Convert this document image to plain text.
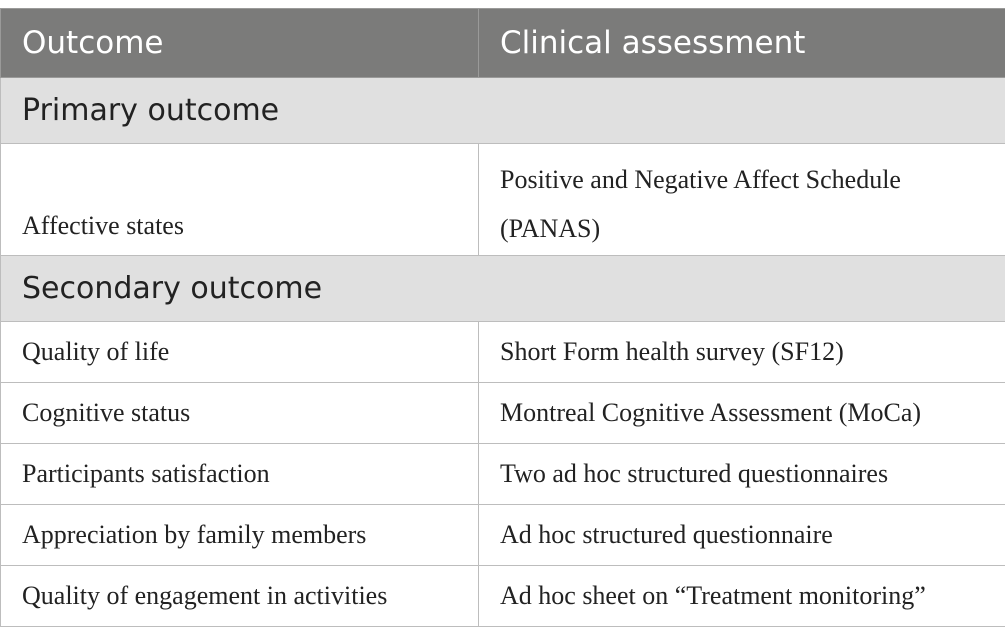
Outcome	Clinical assessment
Primary outcome	
Affective states	Positive and Negative Affect Schedule
(PANAS)

Secondary outcome	
Quality of life	Short Form health survey (SF12)
Cognitive status	Montreal Cognitive Assessment (MoCa)
Participants satisfaction	Two ad hoc structured questionnaires
Appreciation by family members	Ad hoc structured questionnaire
Quality of engagement in activities	Ad hoc sheet on “Treatment monitoring”
